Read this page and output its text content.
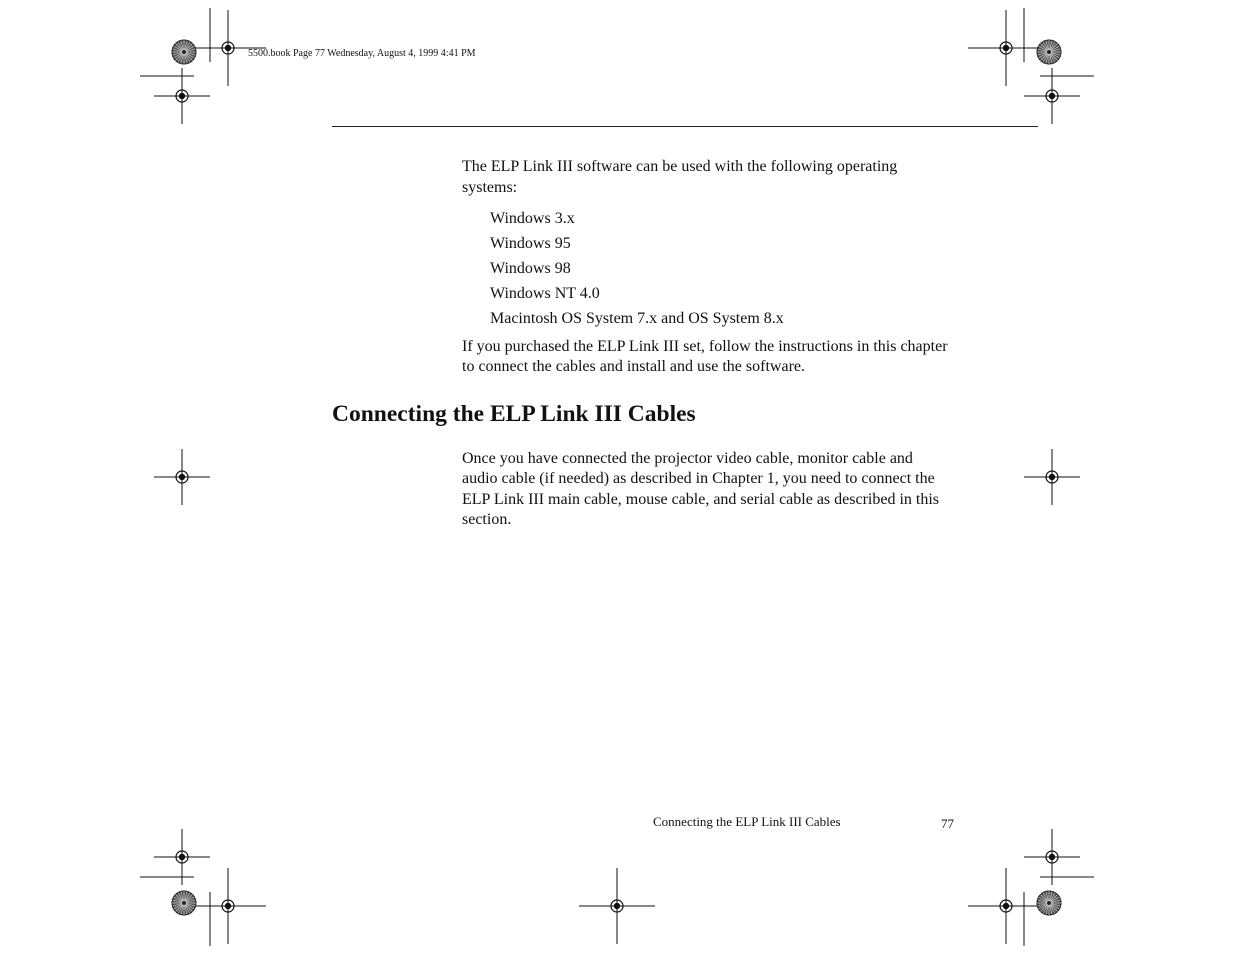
5500.book Page 77 Wednesday, August 4, 1999 4:41 PM

The ELP Link III software can be used with the following operating systems:

Windows 3.x
Windows 95
Windows 98
Windows NT 4.0
Macintosh OS System 7.x and OS System 8.x

If you purchased the ELP Link III set, follow the instructions in this chapter to connect the cables and install and use the software.

Connecting the ELP Link III Cables

Once you have connected the projector video cable, monitor cable and audio cable (if needed) as described in Chapter 1, you need to connect the ELP Link III main cable, mouse cable, and serial cable as described in this section.

Connecting the ELP Link III Cables	77
